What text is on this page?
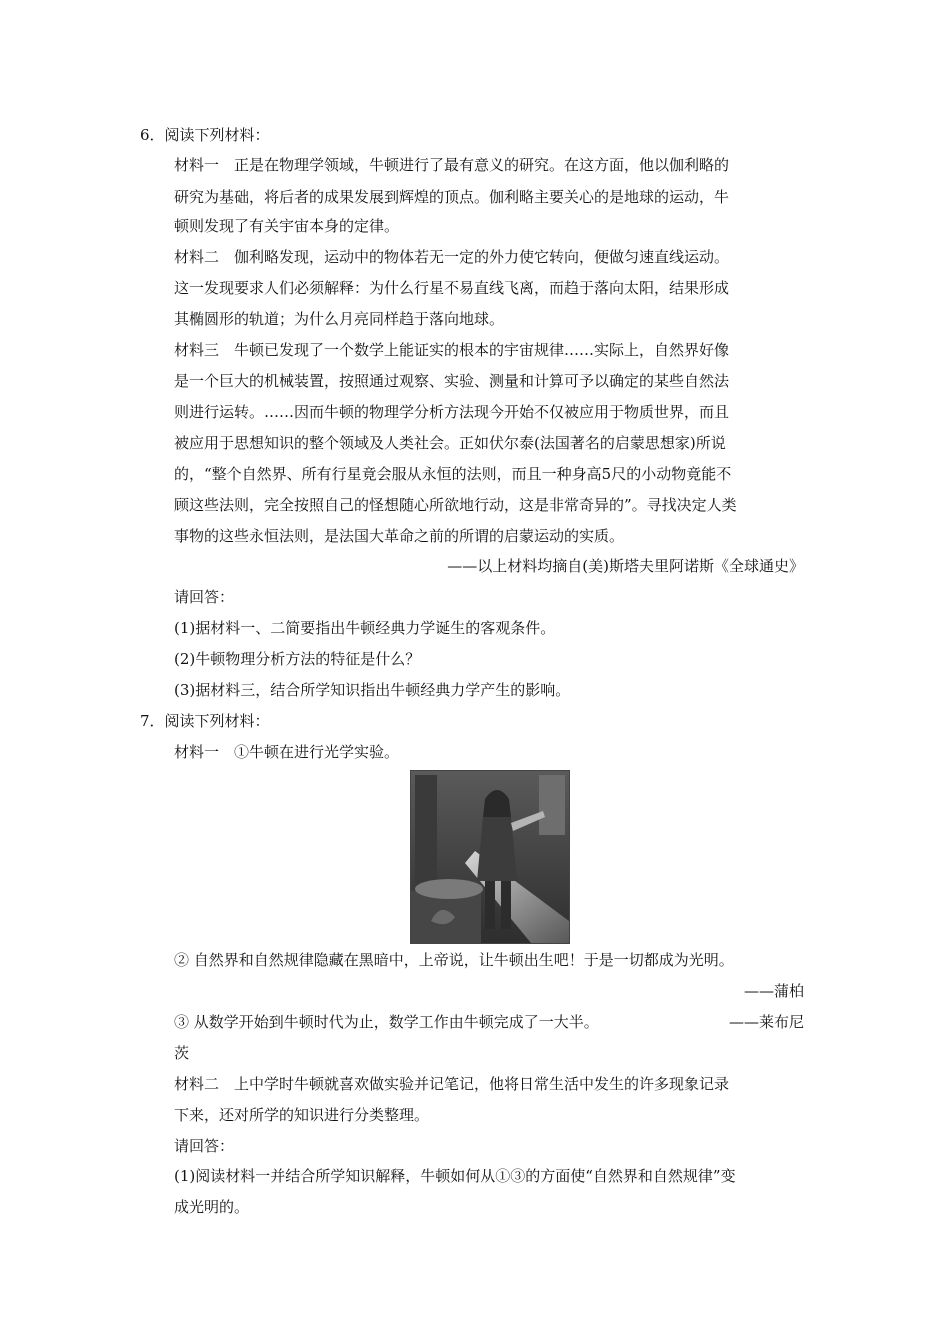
6．阅读下列材料：
材料一　正是在物理学领域，牛顿进行了最有意义的研究。在这方面，他以伽利略的
研究为基础，将后者的成果发展到辉煌的顶点。伽利略主要关心的是地球的运动，牛
顿则发现了有关宇宙本身的定律。
材料二　伽利略发现，运动中的物体若无一定的外力使它转向，便做匀速直线运动。
这一发现要求人们必须解释：为什么行星不易直线飞离，而趋于落向太阳，结果形成
其椭圆形的轨道；为什么月亮同样趋于落向地球。
材料三　牛顿已发现了一个数学上能证实的根本的宇宙规律……实际上，自然界好像
是一个巨大的机械装置，按照通过观察、实验、测量和计算可予以确定的某些自然法
则进行运转。……因而牛顿的物理学分析方法现今开始不仅被应用于物质世界，而且
被应用于思想知识的整个领域及人类社会。正如伏尔泰(法国著名的启蒙思想家)所说
的，“整个自然界、所有行星竟会服从永恒的法则，而且一种身高5尺的小动物竟能不
顾这些法则，完全按照自己的怪想随心所欲地行动，这是非常奇异的”。寻找决定人类
事物的这些永恒法则，是法国大革命之前的所谓的启蒙运动的实质。
——以上材料均摘自(美)斯塔夫里阿诺斯《全球通史》
请回答：
(1)据材料一、二简要指出牛顿经典力学诞生的客观条件。
(2)牛顿物理分析方法的特征是什么？
(3)据材料三，结合所学知识指出牛顿经典力学产生的影响。
7．阅读下列材料：
材料一　①牛顿在进行光学实验。
② 自然界和自然规律隐藏在黑暗中，上帝说，让牛顿出生吧！于是一切都成为光明。
——蒲柏
③ 从数学开始到牛顿时代为止，数学工作由牛顿完成了一大半。	——莱布尼
茨
材料二　上中学时牛顿就喜欢做实验并记笔记，他将日常生活中发生的许多现象记录
下来，还对所学的知识进行分类整理。
请回答：
(1)阅读材料一并结合所学知识解释，牛顿如何从①③的方面使“自然界和自然规律”变
成光明的。
